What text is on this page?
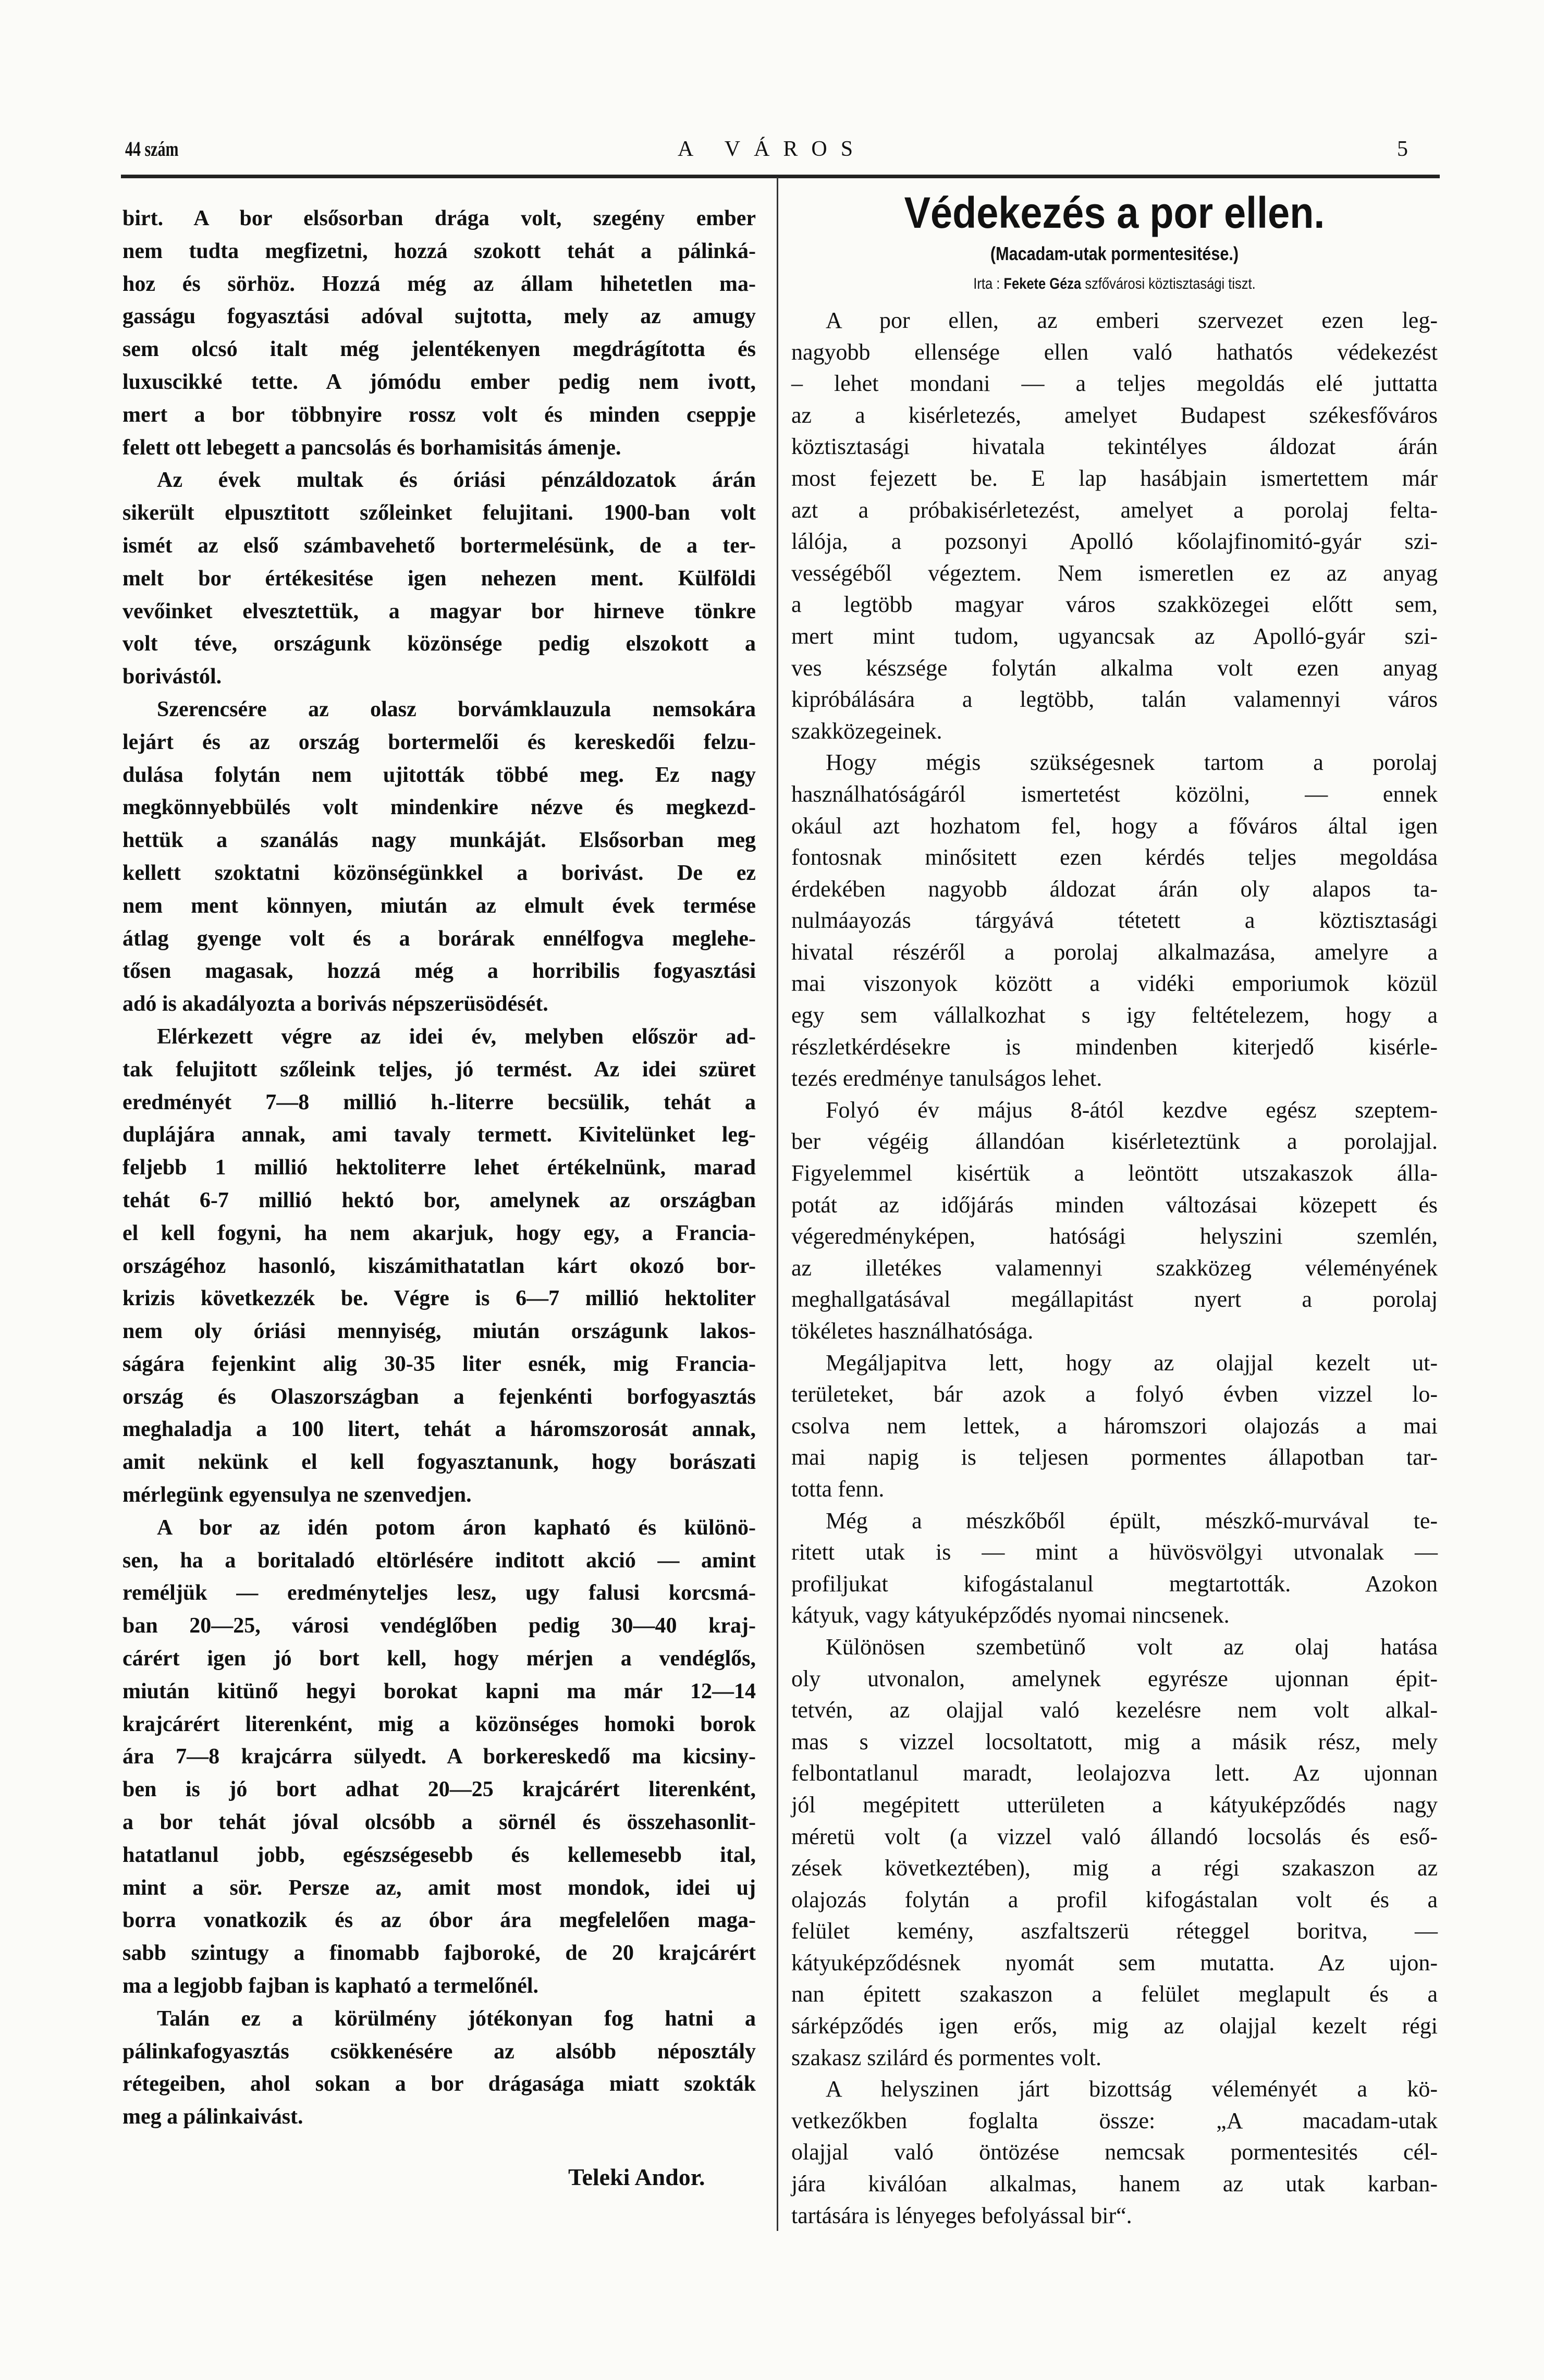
44 szám	A VÁROS	5
birt. A bor elsősorban drága volt, szegény ember
nem tudta megfizetni, hozzá szokott tehát a pálinká-
hoz és sörhöz. Hozzá még az állam hihetetlen ma-
gasságu fogyasztási adóval sujtotta, mely az amugy
sem olcsó italt még jelentékenyen megdrágította és
luxuscikké tette. A jómódu ember pedig nem ivott,
mert a bor többnyire rossz volt és minden cseppje
felett ott lebegett a pancsolás és borhamisitás ámenje.
Az évek multak és óriási pénzáldozatok árán
sikerült elpusztitott szőleinket felujitani. 1900-ban volt
ismét az első számbavehető bortermelésünk, de a ter-
melt bor értékesitése igen nehezen ment. Külföldi
vevőinket elvesztettük, a magyar bor hirneve tönkre
volt téve, országunk közönsége pedig elszokott a
borivástól.
Szerencsére az olasz borvámklauzula nemsokára
lejárt és az ország bortermelői és kereskedői felzu-
dulása folytán nem ujitották többé meg. Ez nagy
megkönnyebbülés volt mindenkire nézve és megkezd-
hettük a szanálás nagy munkáját. Elsősorban meg
kellett szoktatni közönségünkkel a borivást. De ez
nem ment könnyen, miután az elmult évek termése
átlag gyenge volt és a borárak ennélfogva meglehe-
tősen magasak, hozzá még a horribilis fogyasztási
adó is akadályozta a borivás népszerüsödését.
Elérkezett végre az idei év, melyben először ad-
tak felujitott szőleink teljes, jó termést. Az idei szüret
eredményét 7—8 millió h.-literre becsülik, tehát a
duplájára annak, ami tavaly termett. Kivitelünket leg-
feljebb 1 millió hektoliterre lehet értékelnünk, marad
tehát 6-7 millió hektó bor, amelynek az országban
el kell fogyni, ha nem akarjuk, hogy egy, a Francia-
országéhoz hasonló, kiszámithatatlan kárt okozó bor-
krizis következzék be. Végre is 6—7 millió hektoliter
nem oly óriási mennyiség, miután országunk lakos-
ságára fejenkint alig 30-35 liter esnék, mig Francia-
ország és Olaszországban a fejenkénti borfogyasztás
meghaladja a 100 litert, tehát a háromszorosát annak,
amit nekünk el kell fogyasztanunk, hogy borászati
mérlegünk egyensulya ne szenvedjen.
A bor az idén potom áron kapható és különö-
sen, ha a boritaladó eltörlésére inditott akció — amint
reméljük — eredményteljes lesz, ugy falusi korcsmá-
ban 20—25, városi vendéglőben pedig 30—40 kraj-
cárért igen jó bort kell, hogy mérjen a vendéglős,
miután kitünő hegyi borokat kapni ma már 12—14
krajcárért literenként, mig a közönséges homoki borok
ára 7—8 krajcárra sülyedt. A borkereskedő ma kicsiny-
ben is jó bort adhat 20—25 krajcárért literenként,
a bor tehát jóval olcsóbb a sörnél és összehasonlit-
hatatlanul jobb, egészségesebb és kellemesebb ital,
mint a sör. Persze az, amit most mondok, idei uj
borra vonatkozik és az óbor ára megfelelően maga-
sabb szintugy a finomabb fajboroké, de 20 krajcárért
ma a legjobb fajban is kapható a termelőnél.
Talán ez a körülmény jótékonyan fog hatni a
pálinkafogyasztás csökkenésére az alsóbb néposztály
rétegeiben, ahol sokan a bor drágasága miatt szokták
meg a pálinkaivást.
Teleki Andor.
Védekezés a por ellen.
(Macadam-utak pormentesitése.)
Irta : Fekete Géza szfővárosi köztisztasági tiszt.
A por ellen, az emberi szervezet ezen leg-
nagyobb ellensége ellen való hathatós védekezést
– lehet mondani — a teljes megoldás elé juttatta
az a kisérletezés, amelyet Budapest székesfőváros
köztisztasági hivatala tekintélyes áldozat árán
most fejezett be. E lap hasábjain ismertettem már
azt a próbakisérletezést, amelyet a porolaj felta-
lálója, a pozsonyi Apolló kőolajfinomitó-gyár szi-
vességéből végeztem. Nem ismeretlen ez az anyag
a legtöbb magyar város szakközegei előtt sem,
mert mint tudom, ugyancsak az Apolló-gyár szi-
ves készsége folytán alkalma volt ezen anyag
kipróbálására a legtöbb, talán valamennyi város
szakközegeinek.
Hogy mégis szükségesnek tartom a porolaj
használhatóságáról ismertetést közölni, — ennek
okául azt hozhatom fel, hogy a főváros által igen
fontosnak minősitett ezen kérdés teljes megoldása
érdekében nagyobb áldozat árán oly alapos ta-
nulmáayozás tárgyává tétetett a köztisztasági
hivatal részéről a porolaj alkalmazása, amelyre a
mai viszonyok között a vidéki emporiumok közül
egy sem vállalkozhat s igy feltételezem, hogy a
részletkérdésekre is mindenben kiterjedő kisérle-
tezés eredménye tanulságos lehet.
Folyó év május 8-ától kezdve egész szeptem-
ber végéig állandóan kisérleteztünk a porolajjal.
Figyelemmel kisértük a leöntött utszakaszok álla-
potát az időjárás minden változásai közepett és
végeredményképen, hatósági helyszini szemlén,
az illetékes valamennyi szakközeg véleményének
meghallgatásával megállapitást nyert a porolaj
tökéletes használhatósága.
Megáljapitva lett, hogy az olajjal kezelt ut-
területeket, bár azok a folyó évben vizzel lo-
csolva nem lettek, a háromszori olajozás a mai
mai napig is teljesen pormentes állapotban tar-
totta fenn.
Még a mészkőből épült, mészkő-murvával te-
ritett utak is — mint a hüvösvölgyi utvonalak —
profiljukat kifogástalanul megtartották. Azokon
kátyuk, vagy kátyuképződés nyomai nincsenek.
Különösen szembetünő volt az olaj hatása
oly utvonalon, amelynek egyrésze ujonnan épit-
tetvén, az olajjal való kezelésre nem volt alkal-
mas s vizzel locsoltatott, mig a másik rész, mely
felbontatlanul maradt, leolajozva lett. Az ujonnan
jól megépitett utterületen a kátyuképződés nagy
méretü volt (a vizzel való állandó locsolás és eső-
zések következtében), mig a régi szakaszon az
olajozás folytán a profil kifogástalan volt és a
felület kemény, aszfaltszerü réteggel boritva, —
kátyuképződésnek nyomát sem mutatta. Az ujon-
nan épitett szakaszon a felület meglapult és a
sárképződés igen erős, mig az olajjal kezelt régi
szakasz szilárd és pormentes volt.
A helyszinen járt bizottság véleményét a kö-
vetkezőkben foglalta össze: „A macadam-utak
olajjal való öntözése nemcsak pormentesités cél-
jára kiválóan alkalmas, hanem az utak karban-
tartására is lényeges befolyással bir“.
